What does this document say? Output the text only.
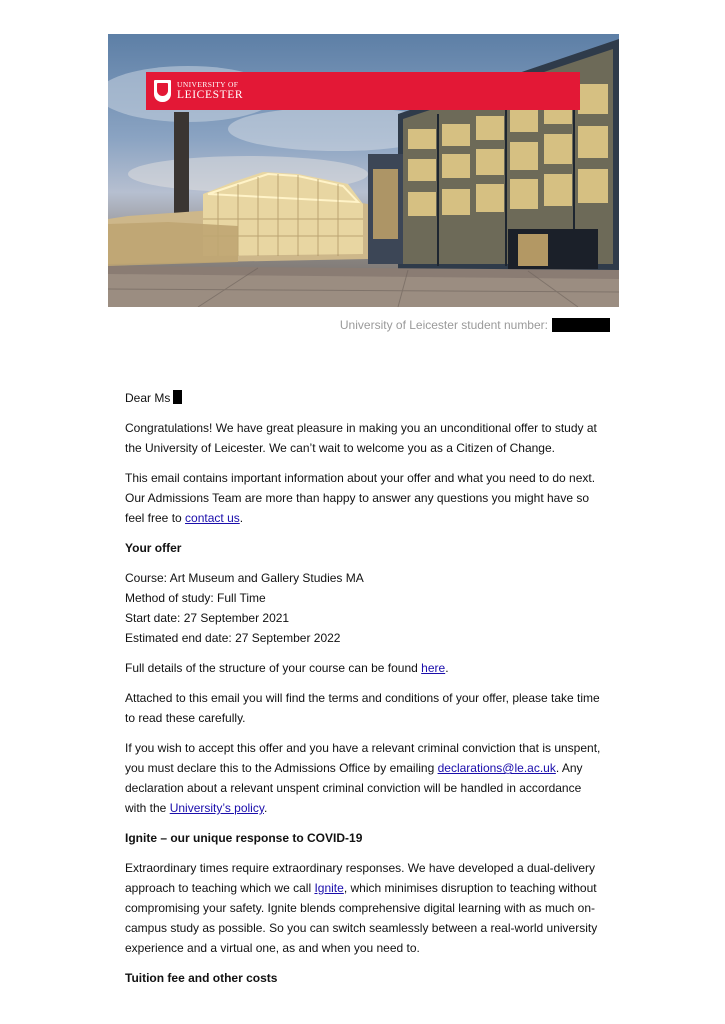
UNIVERSITY OF
LEICESTER
University of Leicester student number:

Dear Ms

Congratulations! We have great pleasure in making you an unconditional offer to study at the University of Leicester. We can’t wait to welcome you as a Citizen of Change.

This email contains important information about your offer and what you need to do next. Our Admissions Team are more than happy to answer any questions you might have so feel free to contact us.

Your offer

Course: Art Museum and Gallery Studies MA
Method of study: Full Time
Start date: 27 September 2021
Estimated end date: 27 September 2022

Full details of the structure of your course can be found here.

Attached to this email you will find the terms and conditions of your offer, please take time to read these carefully.

If you wish to accept this offer and you have a relevant criminal conviction that is unspent, you must declare this to the Admissions Office by emailing declarations@le.ac.uk. Any declaration about a relevant unspent criminal conviction will be handled in accordance with the University’s policy.

Ignite – our unique response to COVID-19

Extraordinary times require extraordinary responses. We have developed a dual-delivery approach to teaching which we call Ignite, which minimises disruption to teaching without compromising your safety. Ignite blends comprehensive digital learning with as much on-campus study as possible. So you can switch seamlessly between a real-world university experience and a virtual one, as and when you need to.

Tuition fee and other costs
